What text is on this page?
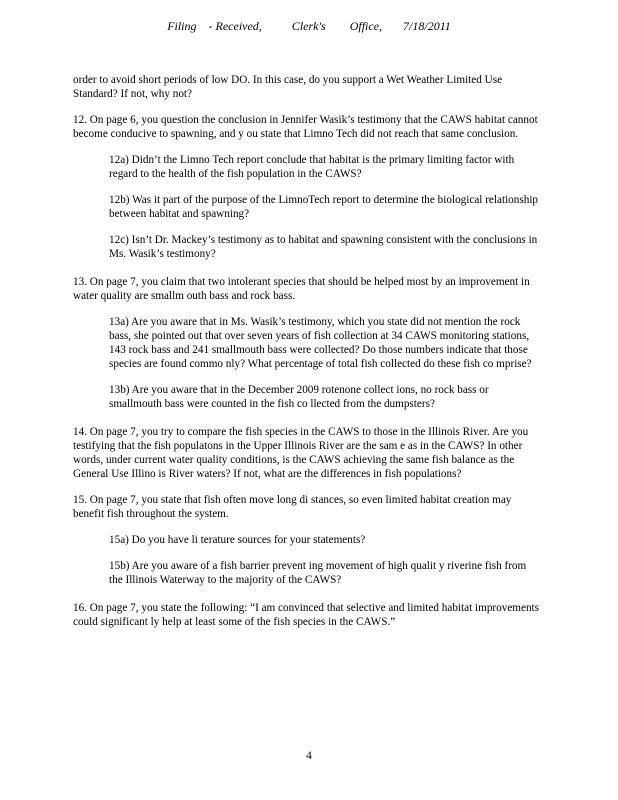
Filing    - Received,          Clerk's        Office,       7/18/2011

order to avoid short periods of low DO. In this case, do you support a Wet Weather Limited Use Standard? If not, why not?

12. On page 6, you question the conclusion in Jennifer Wasik’s testimony that the CAWS habitat cannot become conducive to spawning, and y ou state that Limno Tech did not reach that same conclusion.

12a) Didn’t the Limno Tech report conclude that habitat is the primary limiting factor with regard to the health of the fish population in the CAWS?

12b) Was it part of the purpose of the LimnoTech report to determine the biological relationship between habitat and spawning?

12c) Isn’t Dr. Mackey’s testimony as to habitat and spawning consistent with the conclusions in Ms. Wasik’s testimony?

13. On page 7, you claim that two intolerant species that should be helped most by an improvement in water quality are smallm outh bass and rock bass.

13a) Are you aware that in Ms. Wasik’s testimony, which you state did not mention the rock bass, she pointed out that over seven years of fish collection at 34 CAWS monitoring stations, 143 rock bass and 241 smallmouth bass were collected? Do those numbers indicate that those species are found commo nly? What percentage of total fish collected do these fish co mprise?

13b) Are you aware that in the December 2009 rotenone collect ions, no rock bass or smallmouth bass were counted in the fish co llected from the dumpsters?

14. On page 7, you try to compare the fish species in the CAWS to those in the Illinois River. Are you testifying that the fish populatons in the Upper Illinois River are the sam e as in the CAWS? In other words, under current water quality conditions, is the CAWS achieving the same fish balance as the General Use Illino is River waters? If not, what are the differences in fish populations?

15. On page 7, you state that fish often move long di stances, so even limited habitat creation may benefit fish throughout the system.

15a) Do you have li terature sources for your statements?

15b) Are you aware of a fish barrier prevent ing movement of high qualit y riverine fish from the Illinois Waterway to the majority of the CAWS?

16. On page 7, you state the following: “I am convinced that selective and limited habitat improvements could significant ly help at least some of the fish species in the CAWS.”

4
